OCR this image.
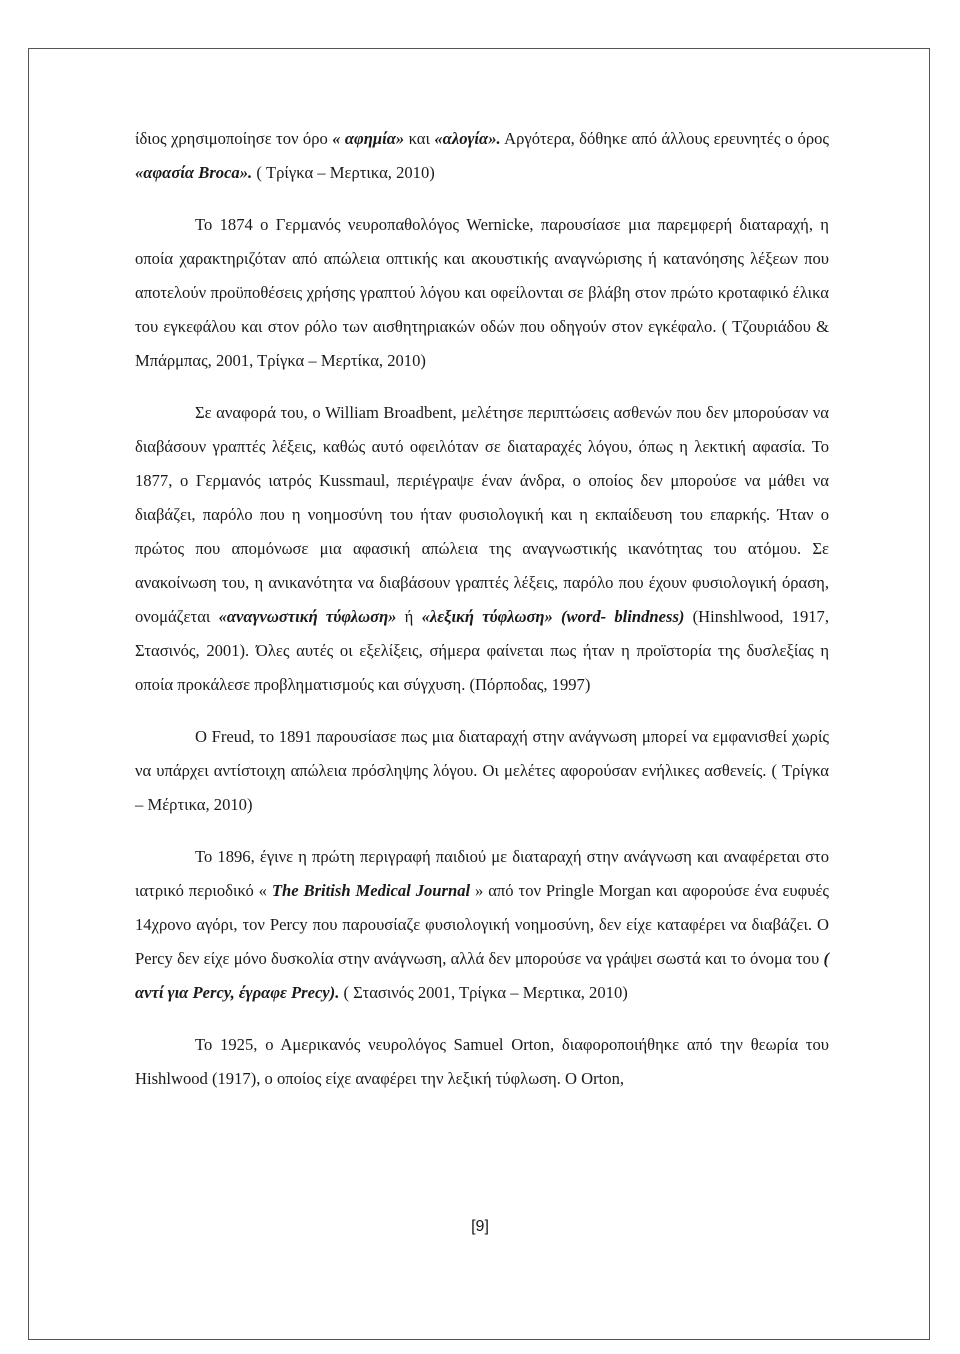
ίδιος χρησιμοποίησε τον όρο « αφημία» και «αλογία». Αργότερα, δόθηκε από άλλους ερευνητές ο όρος «αφασία Broca». ( Τρίγκα – Μερτικα, 2010)

Το 1874 ο Γερμανός νευροπαθολόγος Wernicke, παρουσίασε μια παρεμφερή διαταραχή, η οποία χαρακτηριζόταν από απώλεια οπτικής και ακουστικής αναγνώρισης ή κατανόησης λέξεων που αποτελούν προϋποθέσεις χρήσης γραπτού λόγου και οφείλονται σε βλάβη στον πρώτο κροταφικό έλικα του εγκεφάλου και στον ρόλο των αισθητηριακών οδών που οδηγούν στον εγκέφαλο. ( Τζουριάδου & Μπάρμπας, 2001, Τρίγκα – Μερτίκα, 2010)

Σε αναφορά του, ο William Broadbent, μελέτησε περιπτώσεις ασθενών που δεν μπορούσαν να διαβάσουν γραπτές λέξεις, καθώς αυτό οφειλόταν σε διαταραχές λόγου, όπως η λεκτική αφασία. Το 1877, ο Γερμανός ιατρός Kussmaul, περιέγραψε έναν άνδρα, ο οποίος δεν μπορούσε να μάθει να διαβάζει, παρόλο που η νοημοσύνη του ήταν φυσιολογική και η εκπαίδευση του επαρκής. Ήταν ο πρώτος που απομόνωσε μια αφασική απώλεια της αναγνωστικής ικανότητας του ατόμου. Σε ανακοίνωση του, η ανικανότητα να διαβάσουν γραπτές λέξεις, παρόλο που έχουν φυσιολογική όραση, ονομάζεται «αναγνωστική τύφλωση» ή «λεξική τύφλωση» (word- blindness) (Hinshlwood, 1917, Στασινός, 2001). Όλες αυτές οι εξελίξεις, σήμερα φαίνεται πως ήταν η προϊστορία της δυσλεξίας η οποία προκάλεσε προβληματισμούς και σύγχυση. (Πόρποδας, 1997)

Ο Freud, το 1891 παρουσίασε πως μια διαταραχή στην ανάγνωση μπορεί να εμφανισθεί χωρίς να υπάρχει αντίστοιχη απώλεια πρόσληψης λόγου. Οι μελέτες αφορούσαν ενήλικες ασθενείς. ( Τρίγκα – Μέρτικα, 2010)

Το 1896, έγινε η πρώτη περιγραφή παιδιού με διαταραχή στην ανάγνωση και αναφέρεται στο ιατρικό περιοδικό « The British Medical Journal » από τον Pringle Morgan και αφορούσε ένα ευφυές 14χρονο αγόρι, τον Percy που παρουσίαζε φυσιολογική νοημοσύνη, δεν είχε καταφέρει να διαβάζει. Ο Percy δεν είχε μόνο δυσκολία στην ανάγνωση, αλλά δεν μπορούσε να γράψει σωστά και το όνομα του ( αντί για Percy, έγραφε Precy). ( Στασινός 2001, Τρίγκα – Μερτικα, 2010)

Το 1925, ο Αμερικανός νευρολόγος Samuel Orton, διαφοροποιήθηκε από την θεωρία του Hishlwood (1917), ο οποίος είχε αναφέρει την λεξική τύφλωση. Ο Orton,

[9]
